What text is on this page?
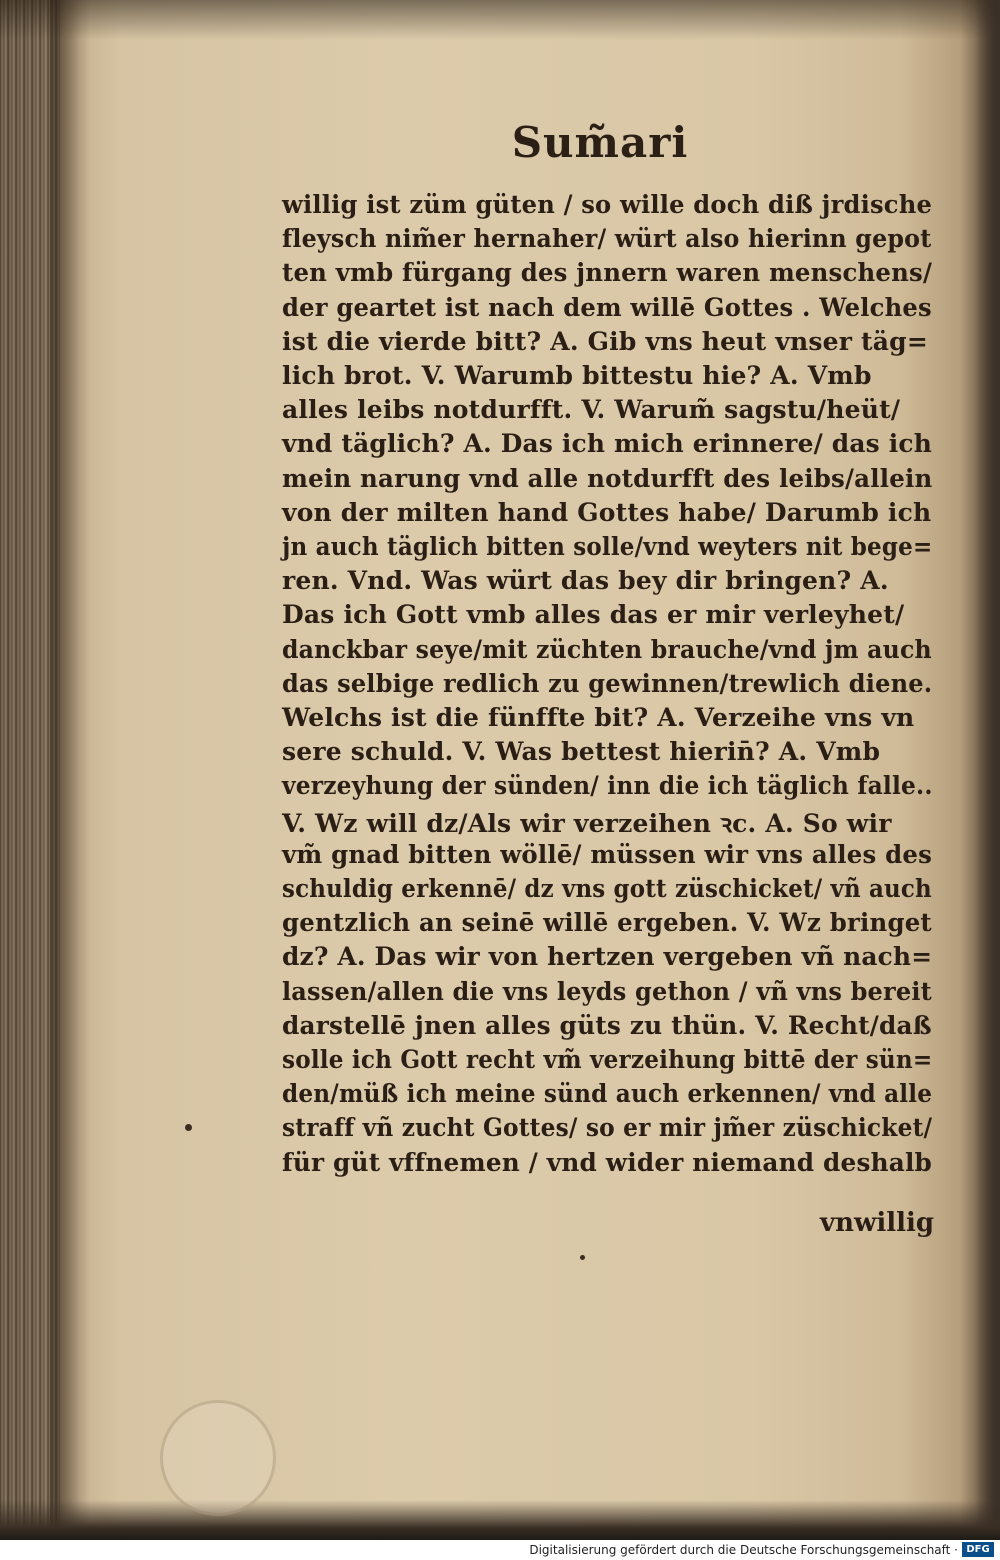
Sum̃ari
willig ist züm güten / so wille doch diß jrdische
fleysch nim̃er hernaher/ würt also hierinn gepot
ten vmb fürgang des jnnern waren menschens/
der geartet ist nach dem willē Gottes . Welches
ist die vierde bitt? A. Gib vns heut vnser täg=
lich brot. V. Warumb bittestu hie? A. Vmb
alles leibs notdurfft. V. Warum̃ sagstu/heüt/
vnd täglich? A. Das ich mich erinnere/ das ich
mein narung vnd alle notdurfft des leibs/allein
von der milten hand Gottes habe/ Darumb ich
jn auch täglich bitten solle/vnd weyters nit bege=
ren. Vnd. Was würt das bey dir bringen? A.
Das ich Gott vmb alles das er mir verleyhet/
danckbar seye/mit züchten brauche/vnd jm auch
das selbige redlich zu gewinnen/trewlich diene.
Welchs ist die fünffte bit? A. Verzeihe vns vn
sere schuld. V. Was bettest hierin̄? A. Vmb
verzeyhung der sünden/ inn die ich täglich falle..
V. Wz will dz/Als wir verzeihen ꝛc. A. So wir
vm̃ gnad bitten wöllē/ müssen wir vns alles des
schuldig erkennē/ dz vns gott züschicket/ vñ auch
gentzlich an seinē willē ergeben. V. Wz bringet
dz? A. Das wir von hertzen vergeben vñ nach=
lassen/allen die vns leyds gethon / vñ vns bereit
darstellē jnen alles güts zu thün. V. Recht/daß
solle ich Gott recht vm̃ verzeihung bittē der sün=
den/müß ich meine sünd auch erkennen/ vnd alle
straff vñ zucht Gottes/ so er mir jm̃er züschicket/
für güt vffnemen / vnd wider niemand deshalb
vnwillig
Digitalisierung gefördert durch die Deutsche Forschungsgemeinschaft · DFG
